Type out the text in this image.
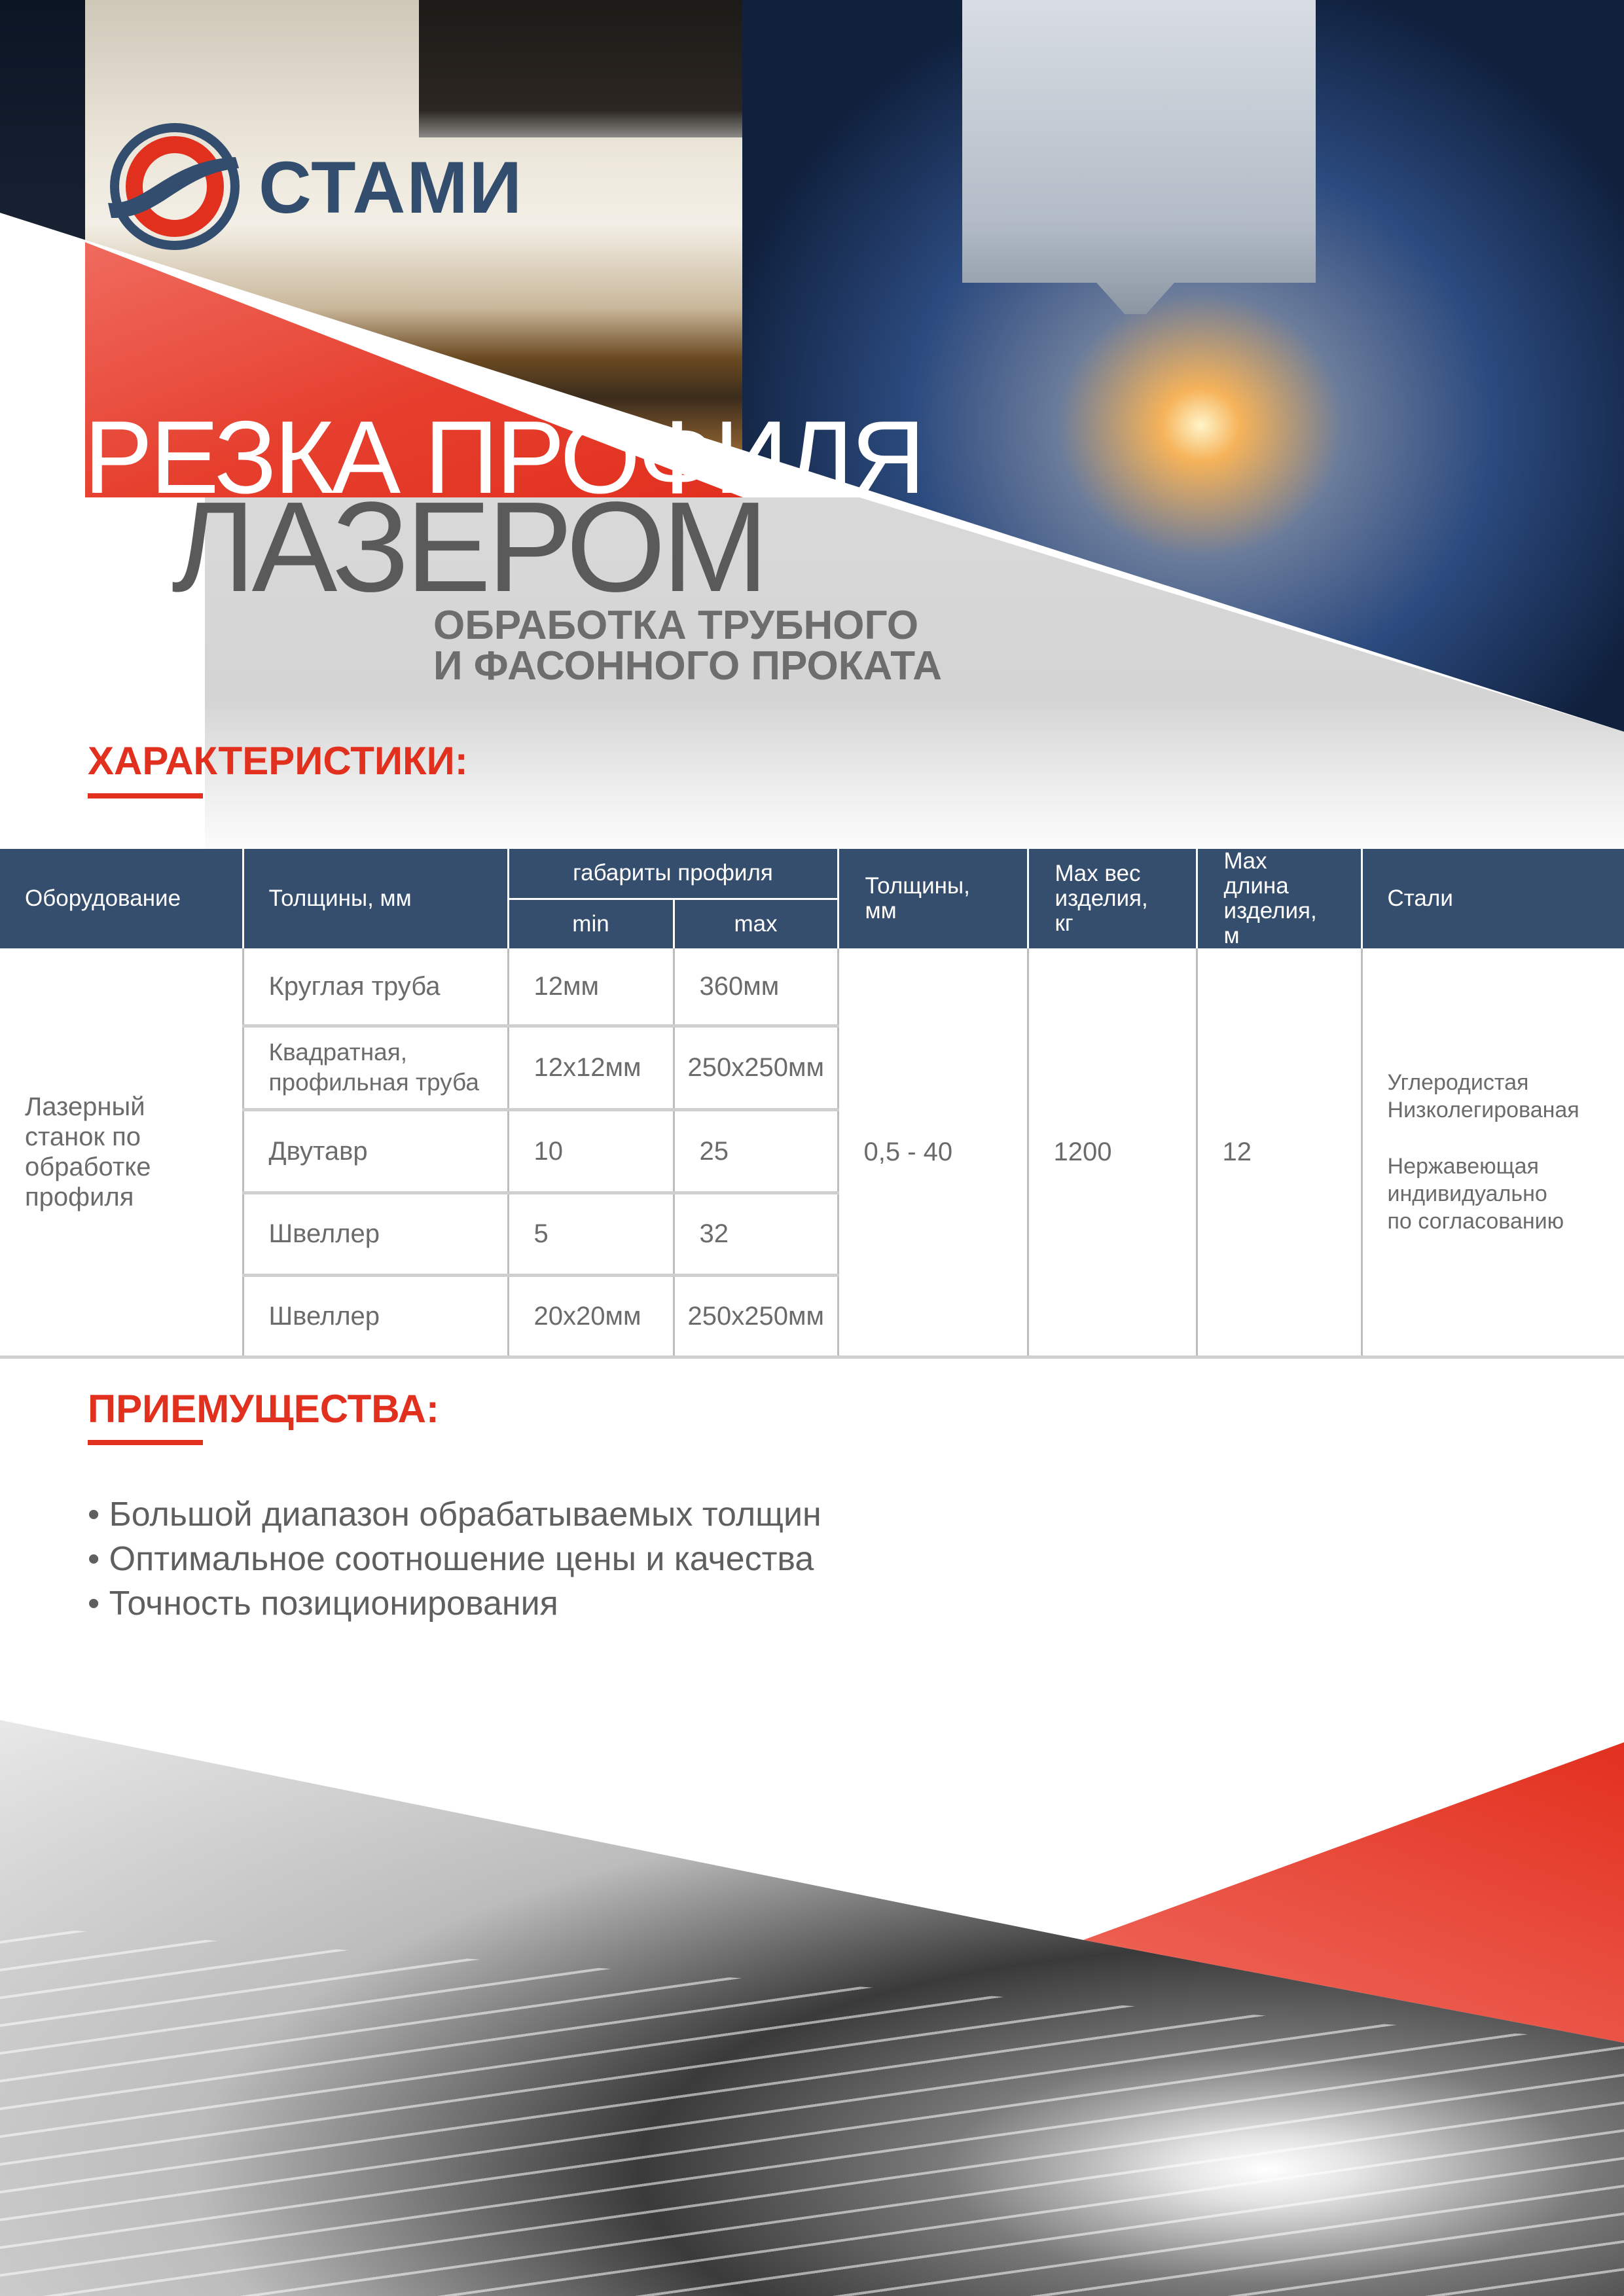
СТАМИ
РЕЗКА ПРОФИЛЯ
ЛАЗЕРОМ
ОБРАБОТКА ТРУБНОГО
И ФАСОННОГО ПРОКАТА
ХАРАКТЕРИСТИКИ:
Оборудование	Толщины, мм	габариты профиля		Толщины, мм	Max вес изделия, кг	Max длина изделия, м	Стали
		min	max				
Лазерный станок по обработке профиля	Круглая труба	12мм	360мм	0,5 - 40	1200	12	Углеродистая
Низколегированая
Нержавеющая
индивидуально
по согласованию

	Квадратная, профильная труба	12x12мм	250x250мм				
	Двутавр	10	25				
	Швеллер	5	32				
	Швеллер	20x20мм	250x250мм				
ПРИЕМУЩЕСТВА:
• Большой диапазон обрабатываемых толщин
• Оптимальное соотношение цены и качества
• Точность позиционирования
